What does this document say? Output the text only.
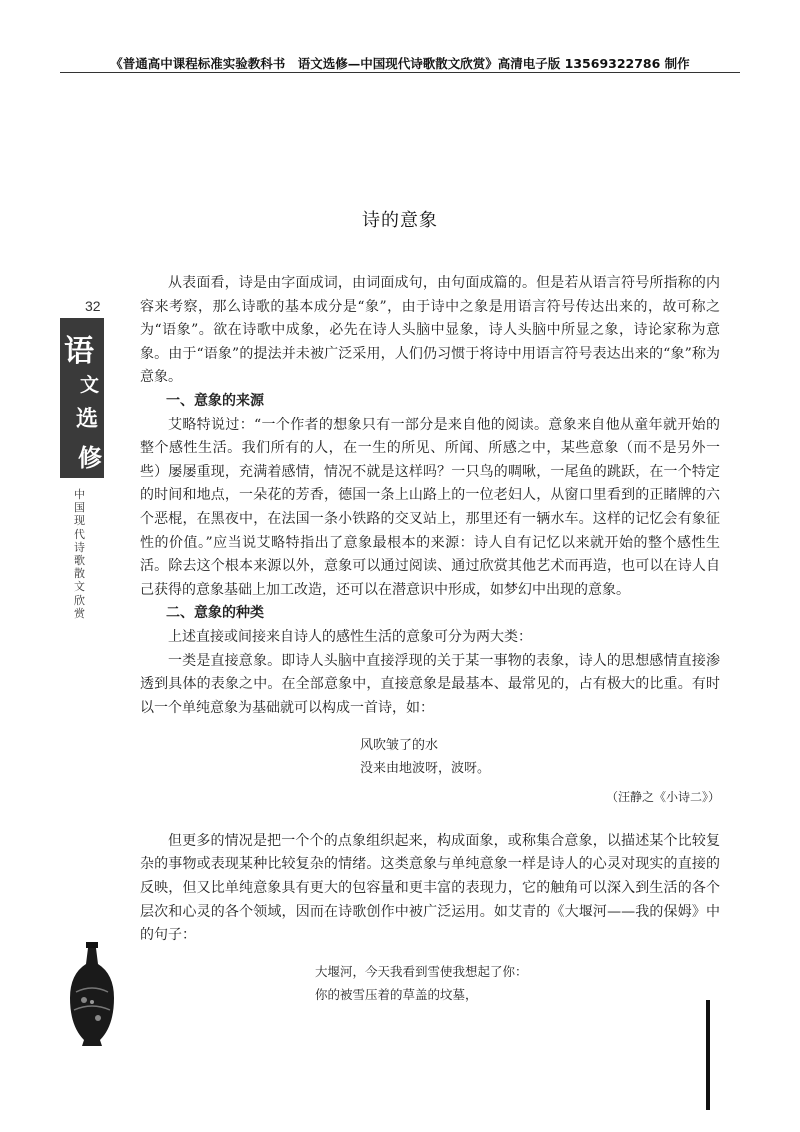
《普通高中课程标准实验教科书　语文选修—中国现代诗歌散文欣赏》高清电子版 13569322786 制作
32
语
文
选
修
中国现代诗歌散文欣赏
诗的意象

从表面看，诗是由字面成词，由词面成句，由句面成篇的。但是若从语言符号所指称的内容来考察，那么诗歌的基本成分是“象”，由于诗中之象是用语言符号传达出来的，故可称之为“语象”。欲在诗歌中成象，必先在诗人头脑中显象，诗人头脑中所显之象，诗论家称为意象。由于“语象”的提法并未被广泛采用，人们仍习惯于将诗中用语言符号表达出来的“象”称为意象。

一、意象的来源

艾略特说过：“一个作者的想象只有一部分是来自他的阅读。意象来自他从童年就开始的整个感性生活。我们所有的人，在一生的所见、所闻、所感之中，某些意象（而不是另外一些）屡屡重现，充满着感情，情况不就是这样吗？一只鸟的啁啾，一尾鱼的跳跃，在一个特定的时间和地点，一朵花的芳香，德国一条上山路上的一位老妇人，从窗口里看到的正睹牌的六个恶棍，在黑夜中，在法国一条小铁路的交叉站上，那里还有一辆水车。这样的记忆会有象征性的价值。”应当说艾略特指出了意象最根本的来源：诗人自有记忆以来就开始的整个感性生活。除去这个根本来源以外，意象可以通过阅读、通过欣赏其他艺术而再造，也可以在诗人自己获得的意象基础上加工改造，还可以在潜意识中形成，如梦幻中出现的意象。

二、意象的种类

上述直接或间接来自诗人的感性生活的意象可分为两大类：

一类是直接意象。即诗人头脑中直接浮现的关于某一事物的表象，诗人的思想感情直接渗透到具体的表象之中。在全部意象中，直接意象是最基本、最常见的，占有极大的比重。有时以一个单纯意象为基础就可以构成一首诗，如：

风吹皱了的水
没来由地波呀，波呀。
（汪静之《小诗二》）

但更多的情况是把一个个的点象组织起来，构成面象，或称集合意象，以描述某个比较复杂的事物或表现某种比较复杂的情绪。这类意象与单纯意象一样是诗人的心灵对现实的直接的反映，但又比单纯意象具有更大的包容量和更丰富的表现力，它的触角可以深入到生活的各个层次和心灵的各个领域，因而在诗歌创作中被广泛运用。如艾青的《大堰河——我的保姆》中的句子：

大堰河，今天我看到雪使我想起了你：
你的被雪压着的草盖的坟墓，
